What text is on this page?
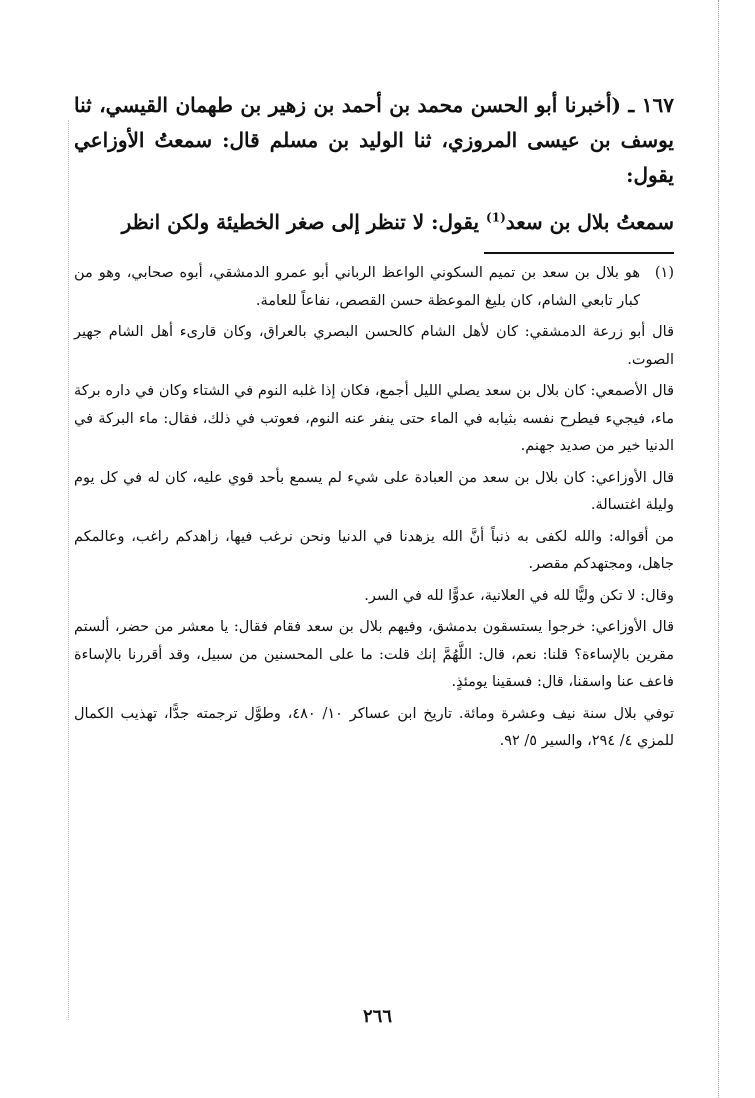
١٦٧ ـ (أخبرنا أبو الحسن محمد بن أحمد بن زهير بن طهمان القيسي، ثنا يوسف بن عيسى المروزي، ثنا الوليد بن مسلم قال: سمعتُ الأوزاعي يقول:

سمعتُ بلال بن سعد$^{(1)}$ يقول: لا تنظر إلى صغر الخطيئة ولكن انظر

(١)
هو بلال بن سعد بن تميم السكوني الواعظ الرباني أبو عمرو الدمشقي، أبوه صحابي، وهو من كبار تابعي الشام، كان بليغ الموعظة حسن القصص، نفاعاً للعامة.

قال أبو زرعة الدمشقي: كان لأهل الشام كالحسن البصري بالعراق، وكان قارىء أهل الشام جهير الصوت.

قال الأصمعي: كان بلال بن سعد يصلي الليل أجمع، فكان إذا غلبه النوم في الشتاء وكان في داره بركة ماء، فيجيء فيطرح نفسه بثيابه في الماء حتى ينفر عنه النوم، فعوتب في ذلك، فقال: ماء البركة في الدنيا خير من صديد جهنم.

قال الأوزاعي: كان بلال بن سعد من العبادة على شيء لم يسمع بأحد قوي عليه، كان له في كل يوم وليلة اغتسالة.

من أقواله: والله لكفى به ذنباً أنَّ الله يزهدنا في الدنيا ونحن نرغب فيها، زاهدكم راغب، وعالمكم جاهل، ومجتهدكم مقصر.

وقال: لا تكن وليًّا لله في العلانية، عدوًّا لله في السر.

قال الأوزاعي: خرجوا يستسقون بدمشق، وفيهم بلال بن سعد فقام فقال: يا معشر من حضر، ألستم مقرين بالإساءة؟ قلنا: نعم، قال: اللَّهُمَّ إنك قلت: ما على المحسنين من سبيل، وقد أقررنا بالإساءة فاعف عنا واسقنا، قال: فسقينا يومئذٍ.

توفي بلال سنة نيف وعشرة ومائة. تاريخ ابن عساكر ١٠/ ٤٨٠، وطوَّل ترجمته جدًّا، تهذيب الكمال للمزي ٤/ ٢٩٤، والسير ٥/ ٩٢.

٢٦٦
